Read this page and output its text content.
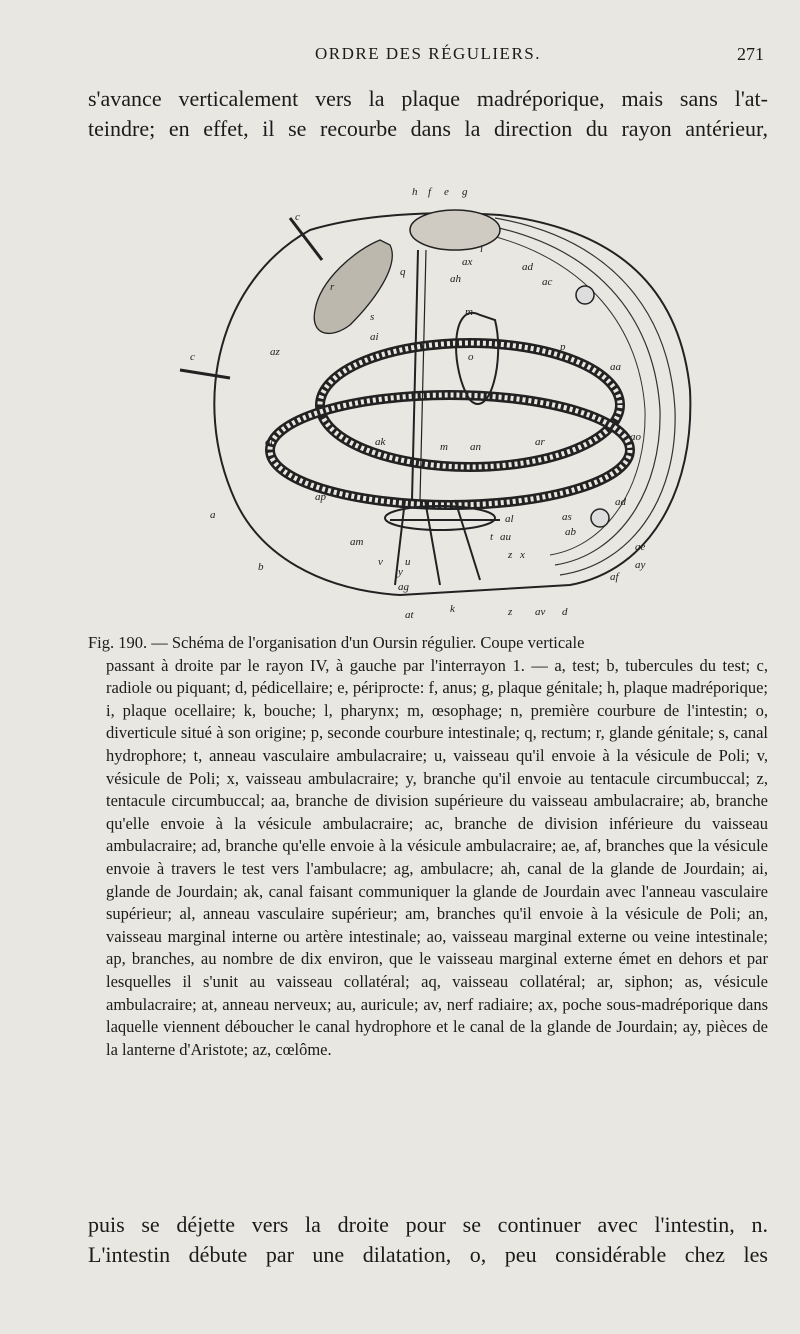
ORDRE DES RÉGULIERS.	271
s'avance verticalement vers la plaque madréporique, mais sans l'at-
teindre; en effet, il se recourbe dans la direction du rayon antérieur,
h f e g
c
i
ax	ad
ac
q
ah
r
s	m
ai
az	o
p
aa
c
aq	ak	m an	ar	ao
ap
a	al	as
ab
ad
am	t au
ae
b	v
y
z x
af
ay
u
ag
at	k	z av d
Fig. 190. — Schéma de l'organisation d'un Oursin régulier. Coupe verticale
passant à droite par le rayon IV, à gauche par l'interrayon 1. — a, test; b, tubercules du test; c, radiole ou piquant; d, pédicellaire; e, périprocte: f, anus; g, plaque génitale; h, plaque madréporique; i, plaque ocellaire; k, bouche; l, pharynx; m, œsophage; n, première courbure de l'intestin; o, diverticule situé à son origine; p, seconde courbure intestinale; q, rectum; r, glande génitale; s, canal hydrophore; t, anneau vasculaire ambulacraire; u, vaisseau qu'il envoie à la vésicule de Poli; v, vésicule de Poli; x, vaisseau ambulacraire; y, branche qu'il envoie au tentacule circumbuccal; z, tentacule circumbuccal; aa, branche de division supérieure du vaisseau ambulacraire; ab, branche qu'elle envoie à la vésicule ambulacraire; ac, branche de division inférieure du vaisseau ambulacraire; ad, branche qu'elle envoie à la vésicule ambulacraire; ae, af, branches que la vésicule envoie à travers le test vers l'ambulacre; ag, ambulacre; ah, canal de la glande de Jourdain; ai, glande de Jourdain; ak, canal faisant communiquer la glande de Jourdain avec l'anneau vasculaire supérieur; al, anneau vasculaire supérieur; am, branches qu'il envoie à la vésicule de Poli; an, vaisseau marginal interne ou artère intestinale; ao, vaisseau marginal externe ou veine intestinale; ap, branches, au nombre de dix environ, que le vaisseau marginal externe émet en dehors et par lesquelles il s'unit au vaisseau collatéral; aq, vaisseau collatéral; ar, siphon; as, vésicule ambulacraire; at, anneau nerveux; au, auricule; av, nerf radiaire; ax, poche sous-madréporique dans laquelle viennent déboucher le canal hydrophore et le canal de la glande de Jourdain; ay, pièces de la lanterne d'Aristote; az, cœlôme.
puis se déjette vers la droite pour se continuer avec l'intestin, n.
L'intestin débute par une dilatation, o, peu considérable chez les
